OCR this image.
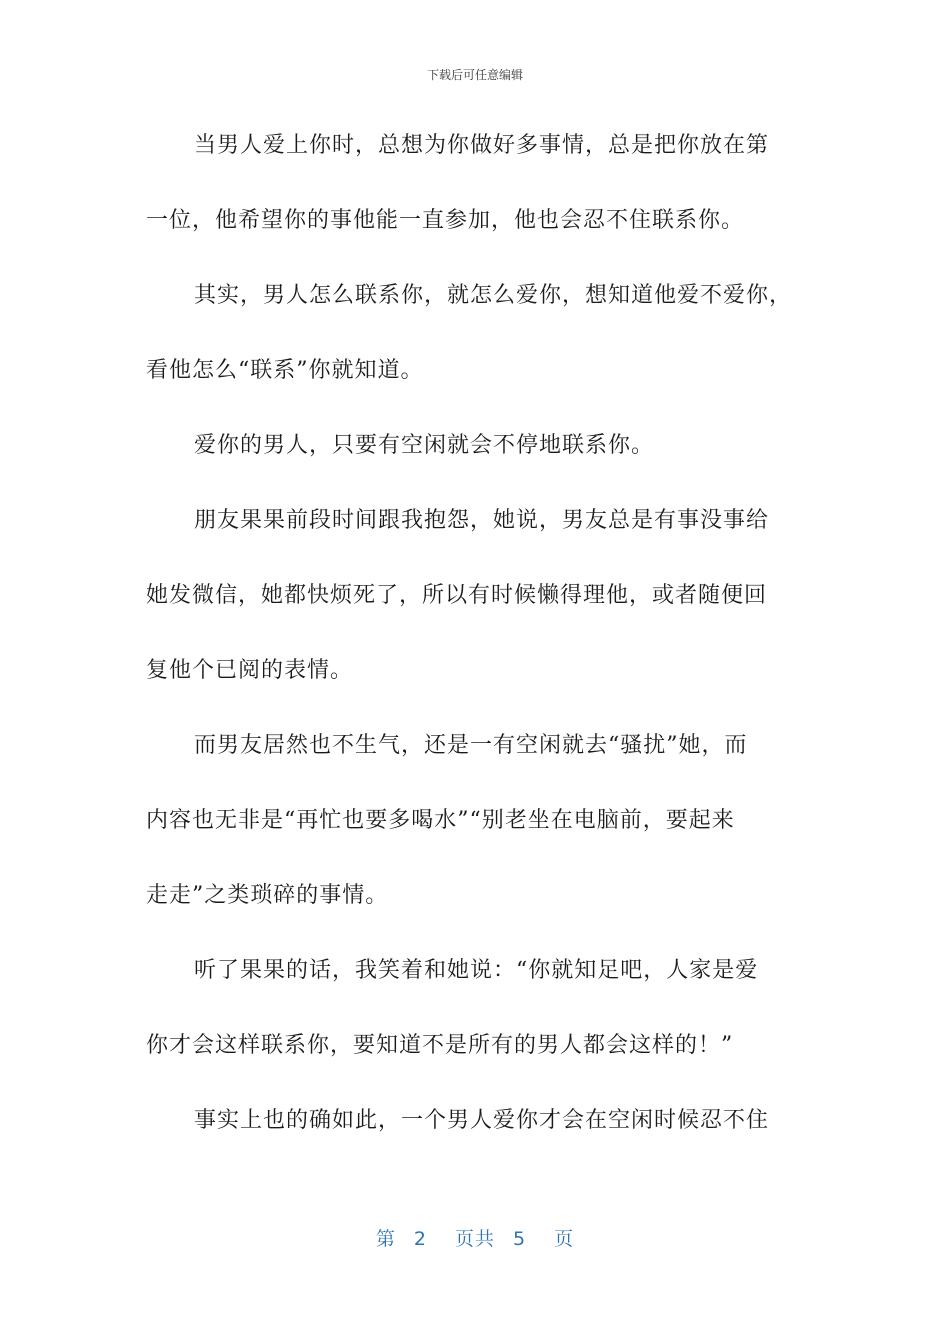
下载后可任意编辑
当男人爱上你时，总想为你做好多事情，总是把你放在第
一位，他希望你的事他能一直参加，他也会忍不住联系你。
其实，男人怎么联系你，就怎么爱你，想知道他爱不爱你，
看他怎么“联系”你就知道。
爱你的男人，只要有空闲就会不停地联系你。
朋友果果前段时间跟我抱怨，她说，男友总是有事没事给
她发微信，她都快烦死了，所以有时候懒得理他，或者随便回
复他个已阅的表情。
而男友居然也不生气，还是一有空闲就去“骚扰”她，而
内容也无非是“再忙也要多喝水”“别老坐在电脑前，要起来
走走”之类琐碎的事情。
听了果果的话，我笑着和她说：“你就知足吧，人家是爱
你才会这样联系你，要知道不是所有的男人都会这样的！”
事实上也的确如此，一个男人爱你才会在空闲时候忍不住
第 2 页共 5 页
